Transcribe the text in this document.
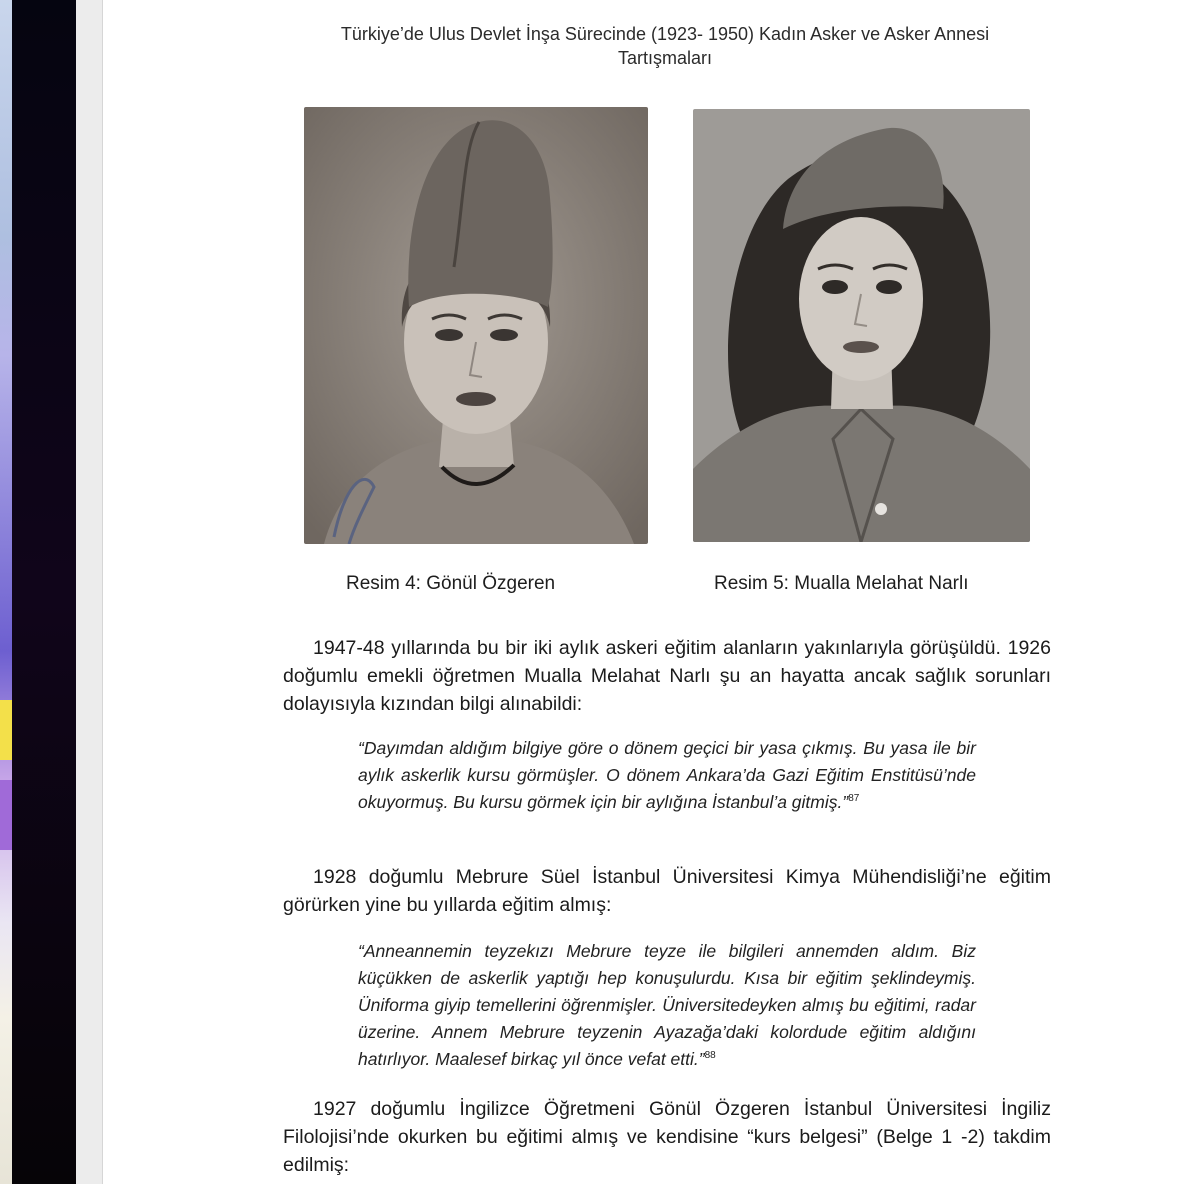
Türkiye’de Ulus Devlet İnşa Sürecinde (1923- 1950) Kadın Asker ve Asker Annesi Tartışmaları
Resim 4: Gönül Özgeren	Resim 5: Mualla Melahat Narlı
1947-48 yıllarında bu bir iki aylık askeri eğitim alanların yakınlarıyla görüşüldü. 1926 doğumlu emekli öğretmen Mualla Melahat Narlı şu an hayatta ancak sağlık sorunları dolayısıyla kızından bilgi alınabildi:
“Dayımdan aldığım bilgiye göre o dönem geçici bir yasa çıkmış. Bu yasa ile bir aylık askerlik kursu görmüşler. O dönem Ankara’da Gazi Eğitim Enstitüsü’nde okuyormuş. Bu kursu görmek için bir aylığına İstanbul’a gitmiş.”$^{87}$
1928 doğumlu Mebrure Süel İstanbul Üniversitesi Kimya Mühendisliği’ne eğitim görürken yine bu yıllarda eğitim almış:
“Anneannemin teyzekızı Mebrure teyze ile bilgileri annemden aldım. Biz küçükken de askerlik yaptığı hep konuşulurdu. Kısa bir eğitim şeklindeymiş. Üniforma giyip temellerini öğrenmişler. Üniversitedeyken almış bu eğitimi, radar üzerine. Annem Mebrure teyzenin Ayazağa’daki kolordude eğitim aldığını hatırlıyor. Maalesef birkaç yıl önce vefat etti.”$^{88}$
1927 doğumlu İngilizce Öğretmeni Gönül Özgeren İstanbul Üniversitesi İngiliz Filolojisi’nde okurken bu eğitimi almış ve kendisine “kurs belgesi” (Belge 1 -2) takdim edilmiş:
